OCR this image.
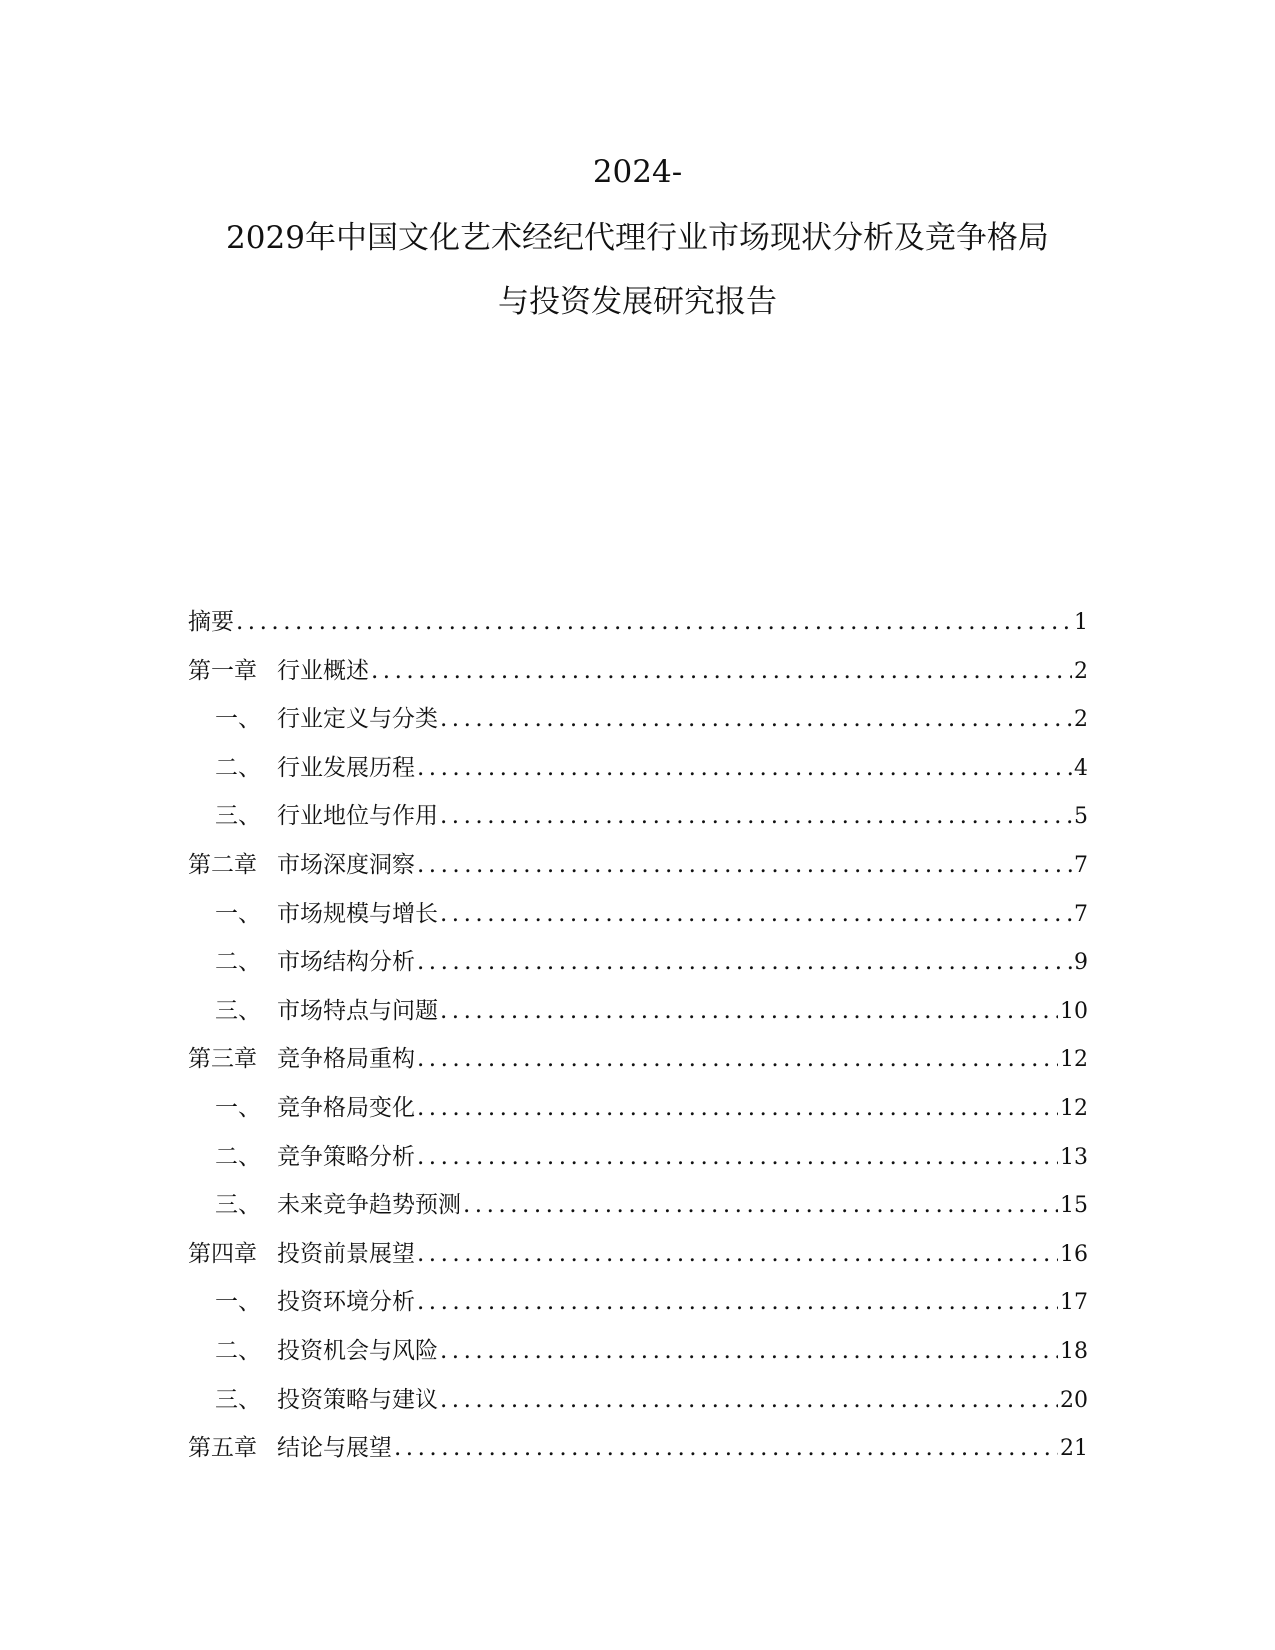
2024-
2029年中国文化艺术经纪代理行业市场现状分析及竞争格局
与投资发展研究报告
摘要 .....	1
第一章 行业概述 .....	2
一、 行业定义与分类 .....	2
二、 行业发展历程 .....	4
三、 行业地位与作用 .....	5
第二章 市场深度洞察 .....	7
一、 市场规模与增长 .....	7
二、 市场结构分析 .....	9
三、 市场特点与问题 .....	10
第三章 竞争格局重构 .....	12
一、 竞争格局变化 .....	12
二、 竞争策略分析 .....	13
三、 未来竞争趋势预测 .....	15
第四章 投资前景展望 .....	16
一、 投资环境分析 .....	17
二、 投资机会与风险 .....	18
三、 投资策略与建议 .....	20
第五章 结论与展望 .....	21
